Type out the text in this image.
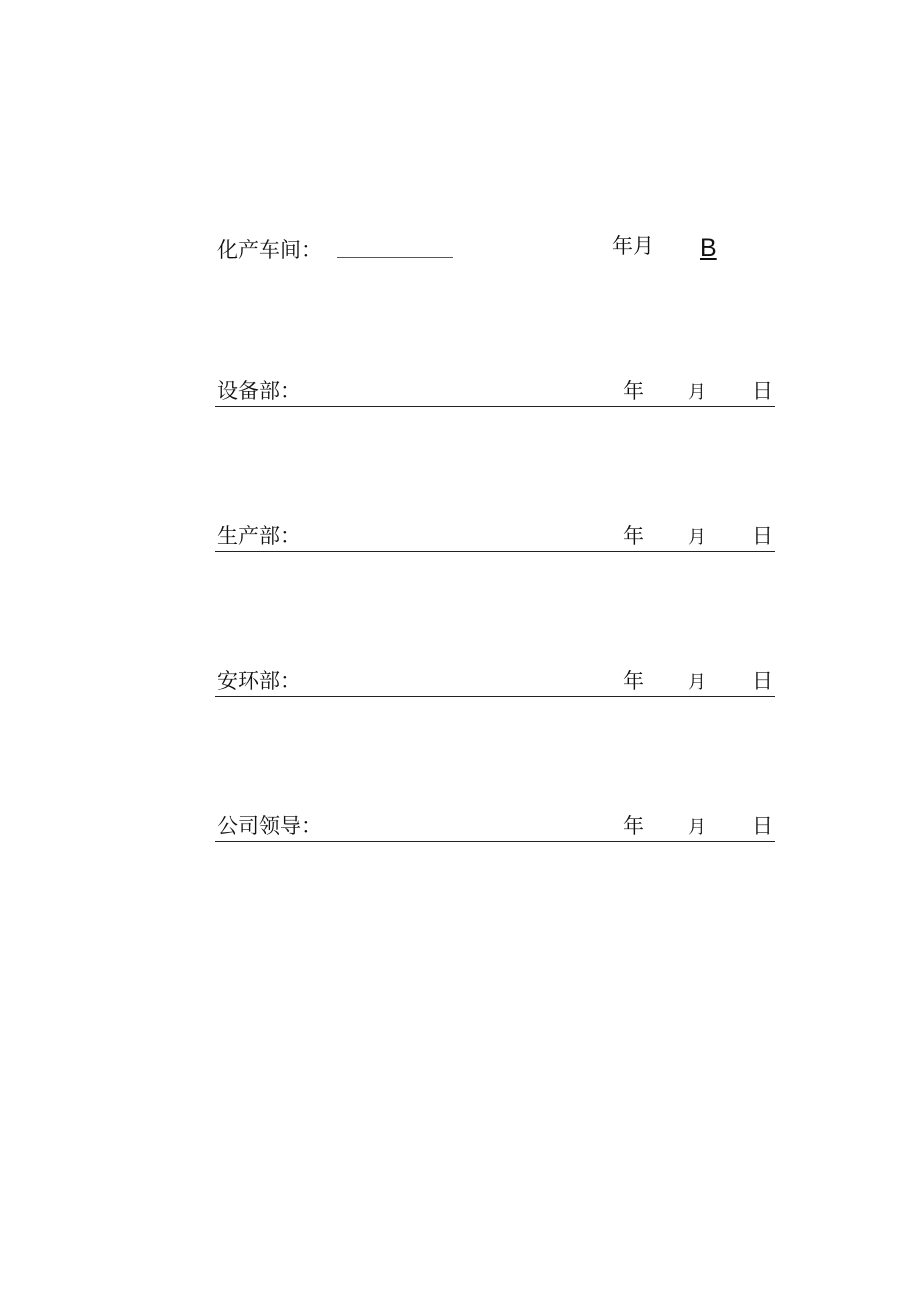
化产车间：	年月 B
设备部：	年 月 日
生产部：	年 月 日
安环部：	年 月 日
公司领导：	年 月 日
